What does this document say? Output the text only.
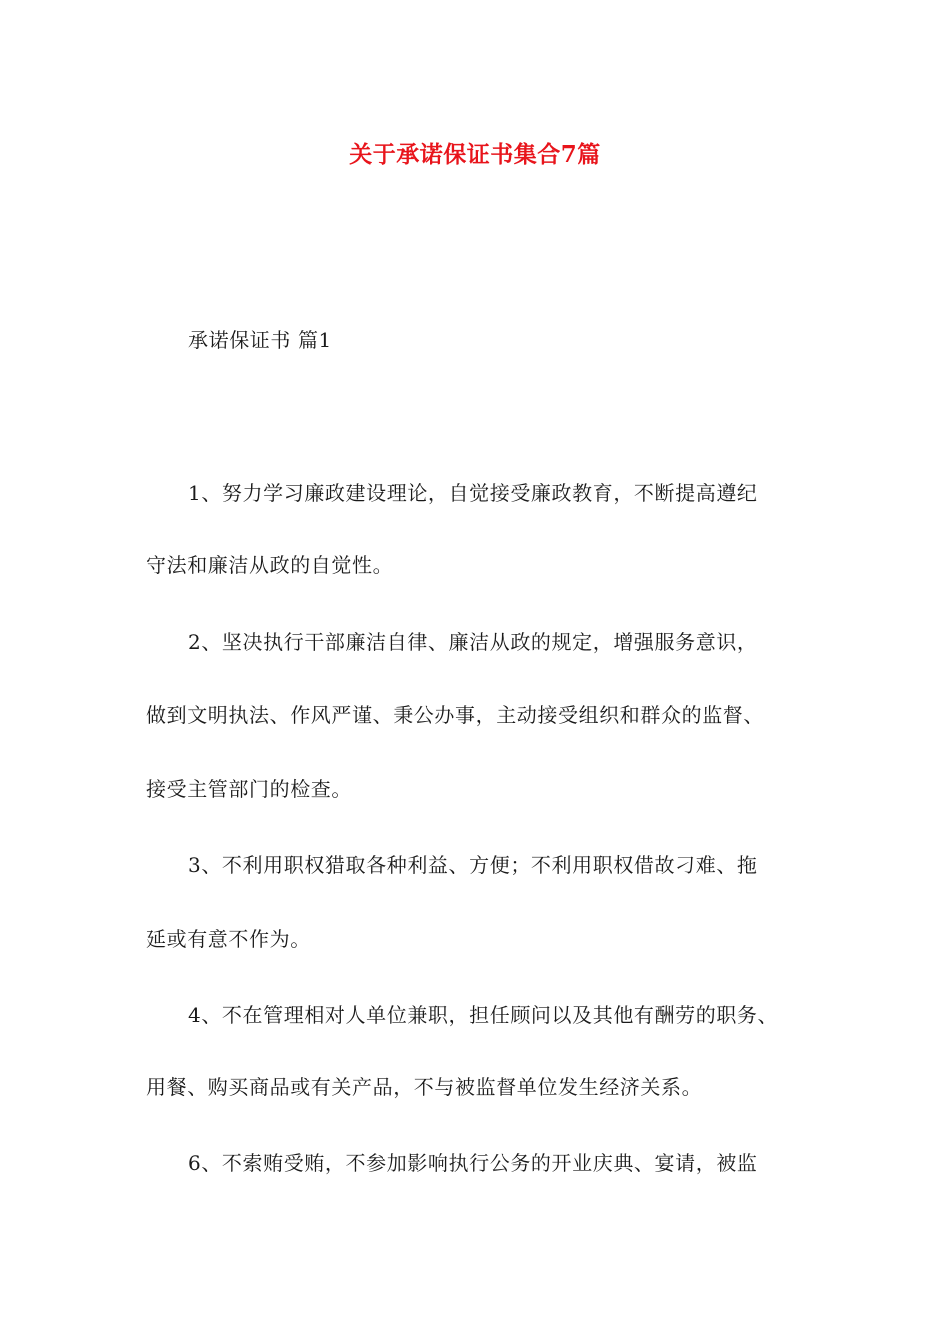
关于承诺保证书集合7篇

承诺保证书 篇1

1、努力学习廉政建设理论，自觉接受廉政教育，不断提高遵纪

守法和廉洁从政的自觉性。

2、坚决执行干部廉洁自律、廉洁从政的规定，增强服务意识，

做到文明执法、作风严谨、秉公办事，主动接受组织和群众的监督、

接受主管部门的检查。

3、不利用职权猎取各种利益、方便；不利用职权借故刁难、拖

延或有意不作为。

4、不在管理相对人单位兼职，担任顾问以及其他有酬劳的职务、

用餐、购买商品或有关产品，不与被监督单位发生经济关系。

6、不索贿受贿，不参加影响执行公务的开业庆典、宴请，被监
